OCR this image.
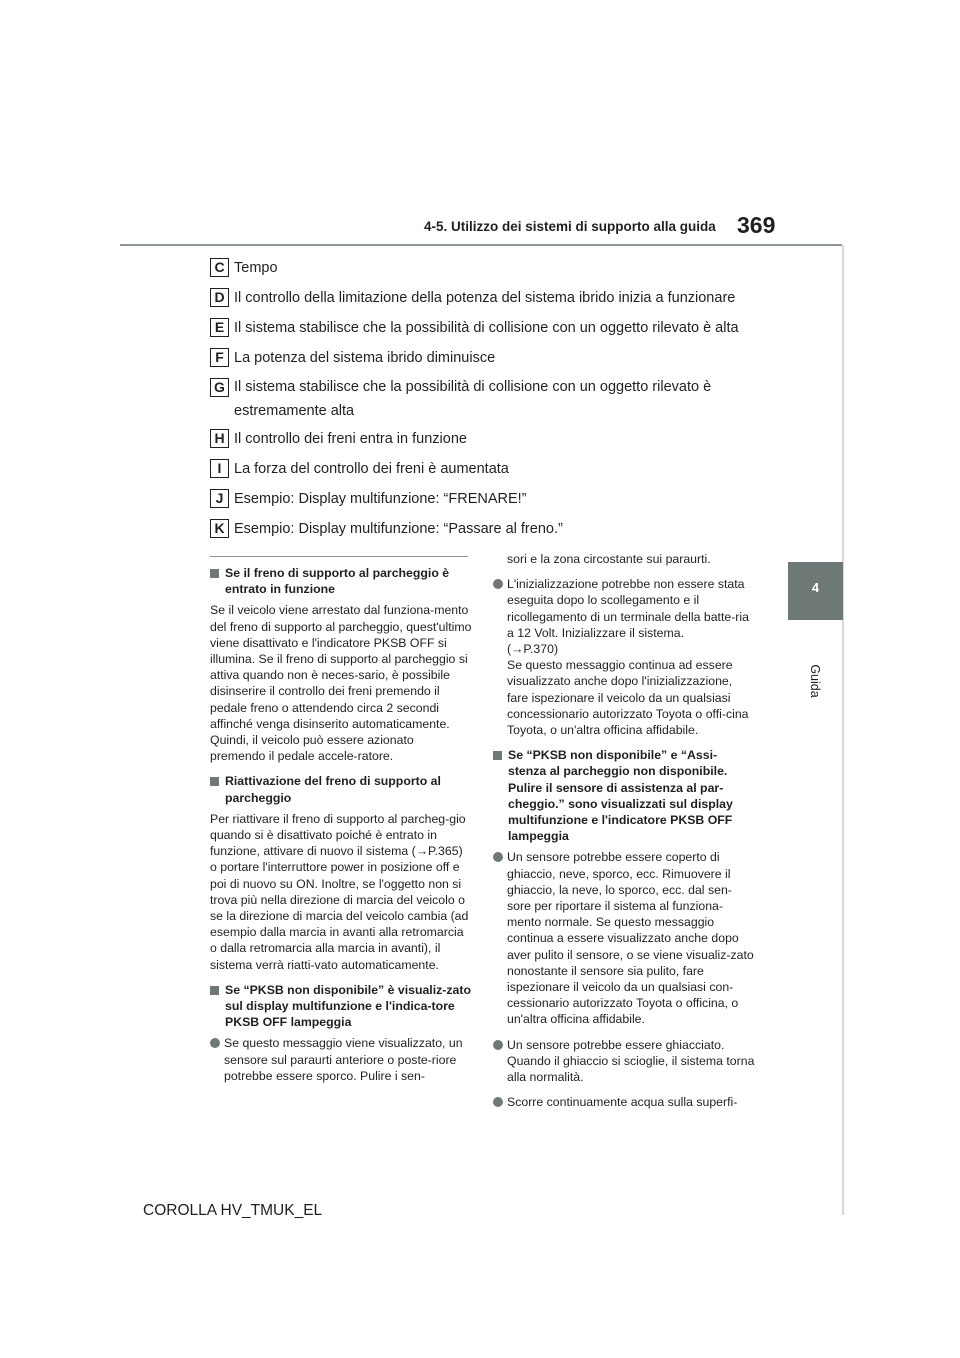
4-5. Utilizzo dei sistemi di supporto alla guida 369
4
Guida
C Tempo
D Il controllo della limitazione della potenza del sistema ibrido inizia a funzionare
E Il sistema stabilisce che la possibilità di collisione con un oggetto rilevato è alta
F La potenza del sistema ibrido diminuisce
G Il sistema stabilisce che la possibilità di collisione con un oggetto rilevato è estremamente alta
H Il controllo dei freni entra in funzione
I La forza del controllo dei freni è aumentata
J Esempio: Display multifunzione: “FRENARE!”
K Esempio: Display multifunzione: “Passare al freno.”
Se il freno di supporto al parcheggio è entrato in funzione
Se il veicolo viene arrestato dal funziona-mento del freno di supporto al parcheggio, quest'ultimo viene disattivato e l'indicatore PKSB OFF si illumina. Se il freno di supporto al parcheggio si attiva quando non è neces-sario, è possibile disinserire il controllo dei freni premendo il pedale freno o attendendo circa 2 secondi affinché venga disinserito automaticamente. Quindi, il veicolo può essere azionato premendo il pedale accele-ratore.
Riattivazione del freno di supporto al parcheggio
Per riattivare il freno di supporto al parcheg-gio quando si è disattivato poiché è entrato in funzione, attivare di nuovo il sistema (→P.365) o portare l'interruttore power in posizione off e poi di nuovo su ON. Inoltre, se l'oggetto non si trova più nella direzione di marcia del veicolo o se la direzione di marcia del veicolo cambia (ad esempio dalla marcia in avanti alla retromarcia o dalla retromarcia alla marcia in avanti), il sistema verrà riatti-vato automaticamente.
Se “PKSB non disponibile” è visualiz-zato sul display multifunzione e l'indica-tore PKSB OFF lampeggia
Se questo messaggio viene visualizzato, un sensore sul paraurti anteriore o poste-riore potrebbe essere sporco. Pulire i sen-
sori e la zona circostante sui paraurti.
L'inizializzazione potrebbe non essere stata eseguita dopo lo scollegamento e il ricollegamento di un terminale della batte-ria a 12 Volt. Inizializzare il sistema.
(→P.370)
Se questo messaggio continua ad essere visualizzato anche dopo l'inizializzazione, fare ispezionare il veicolo da un qualsiasi concessionario autorizzato Toyota o offi-cina Toyota, o un'altra officina affidabile.
Se “PKSB non disponibile” e “Assi-stenza al parcheggio non disponibile. Pulire il sensore di assistenza al par-cheggio.” sono visualizzati sul display multifunzione e l'indicatore PKSB OFF lampeggia
Un sensore potrebbe essere coperto di ghiaccio, neve, sporco, ecc. Rimuovere il ghiaccio, la neve, lo sporco, ecc. dal sen-sore per riportare il sistema al funziona-mento normale. Se questo messaggio continua a essere visualizzato anche dopo aver pulito il sensore, o se viene visualiz-zato nonostante il sensore sia pulito, fare ispezionare il veicolo da un qualsiasi con-cessionario autorizzato Toyota o officina, o un'altra officina affidabile.
Un sensore potrebbe essere ghiacciato. Quando il ghiaccio si scioglie, il sistema torna alla normalità.
Scorre continuamente acqua sulla superfi-
COROLLA HV_TMUK_EL
